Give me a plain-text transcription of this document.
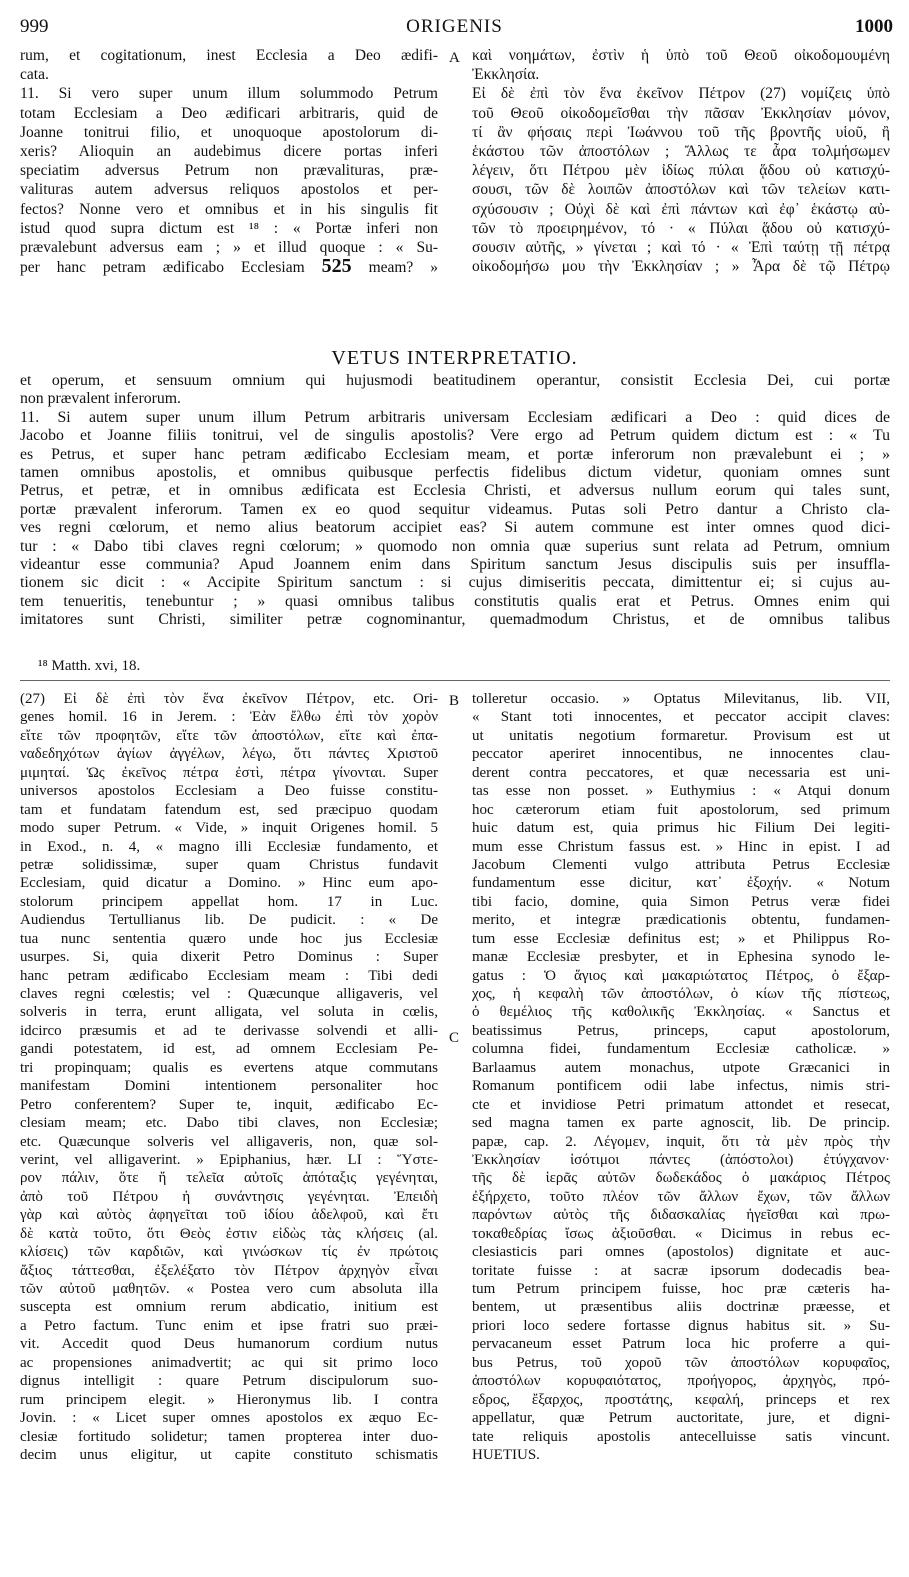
999	ORIGENIS	1000
rum, et cogitationum, inest Ecclesia a Deo ædifi-
cata.
11. Si vero super unum illum solummodo Petrum
totam Ecclesiam a Deo ædificari arbitraris, quid de
Joanne tonitrui filio, et unoquoque apostolorum di-
xeris? Alioquin an audebimus dicere portas inferi
speciatim adversus Petrum non prævalituras, præ-
valituras autem adversus reliquos apostolos et per-
fectos? Nonne vero et omnibus et in his singulis fit
istud quod supra dictum est ¹⁸ : « Portæ inferi non
prævalebunt adversus eam ; » et illud quoque : « Su-
per hanc petram ædificabo Ecclesiam 525 meam? »
καὶ νοημάτων, ἐστὶν ἡ ὑπὸ τοῦ Θεοῦ οἰκοδομουμένη
Ἐκκλησία.
Εἰ δὲ ἐπὶ τὸν ἕνα ἐκεῖνον Πέτρον (27) νομίζεις ὑπὸ
τοῦ Θεοῦ οἰκοδομεῖσθαι τὴν πᾶσαν Ἐκκλησίαν μόνον,
τί ἂν φήσαις περὶ Ἰωάννου τοῦ τῆς βροντῆς υἱοῦ, ἢ
ἑκάστου τῶν ἀποστόλων ; Ἄλλως τε ἆρα τολμήσωμεν
λέγειν, ὅτι Πέτρου μὲν ἰδίως πύλαι ᾅδου οὐ κατισχύ-
σουσι, τῶν δὲ λοιπῶν ἀποστόλων καὶ τῶν τελείων κατι-
σχύσουσιν ; Οὐχὶ δὲ καὶ ἐπὶ πάντων καὶ ἐφ᾽ ἑκάστῳ αὐ-
τῶν τὸ προειρημένον, τό · « Πύλαι ᾅδου οὐ κατισχύ-
σουσιν αὐτῆς, » γίνεται ; καὶ τό · « Ἐπὶ ταύτῃ τῇ πέτρᾳ
οἰκοδομήσω μου τὴν Ἐκκλησίαν ; » Ἆρα δὲ τῷ Πέτρῳ
A
VETUS INTERPRETATIO.
et operum, et sensuum omnium qui hujusmodi beatitudinem operantur, consistit Ecclesia Dei, cui portæ
non prævalent inferorum.
11. Si autem super unum illum Petrum arbitraris universam Ecclesiam ædificari a Deo : quid dices de
Jacobo et Joanne filiis tonitrui, vel de singulis apostolis? Vere ergo ad Petrum quidem dictum est : « Tu
es Petrus, et super hanc petram ædificabo Ecclesiam meam, et portæ inferorum non prævalebunt ei ; »
tamen omnibus apostolis, et omnibus quibusque perfectis fidelibus dictum videtur, quoniam omnes sunt
Petrus, et petræ, et in omnibus ædificata est Ecclesia Christi, et adversus nullum eorum qui tales sunt,
portæ prævalent inferorum. Tamen ex eo quod sequitur videamus. Putas soli Petro dantur a Christo cla-
ves regni cœlorum, et nemo alius beatorum accipiet eas? Si autem commune est inter omnes quod dici-
tur : « Dabo tibi claves regni cœlorum; » quomodo non omnia quæ superius sunt relata ad Petrum, omnium
videantur esse communia? Apud Joannem enim dans Spiritum sanctum Jesus discipulis suis per insuffla-
tionem sic dicit : « Accipite Spiritum sanctum : si cujus dimiseritis peccata, dimittentur ei; si cujus au-
tem tenueritis, tenebuntur ; » quasi omnibus talibus constitutis qualis erat et Petrus. Omnes enim qui
imitatores sunt Christi, similiter petræ cognominantur, quemadmodum Christus, et de omnibus talibus
¹⁸ Matth. xvi, 18.
(27) Εἰ δὲ ἐπὶ τὸν ἕνα ἐκεῖνον Πέτρον, etc. Ori-
genes homil. 16 in Jerem. : Ἐὰν ἔλθω ἐπὶ τὸν χορὸν
εἴτε τῶν προφητῶν, εἴτε τῶν ἀποστόλων, εἴτε καὶ ἐπα-
ναδεδηχότων ἁγίων ἀγγέλων, λέγω, ὅτι πάντες Χριστοῦ
μιμηταί. Ὡς ἐκεῖνος πέτρα ἐστὶ, πέτρα γίνονται. Super
universos apostolos Ecclesiam a Deo fuisse constitu-
tam et fundatam fatendum est, sed præcipuo quodam
modo super Petrum. « Vide, » inquit Origenes homil. 5
in Exod., n. 4, « magno illi Ecclesiæ fundamento, et
petræ solidissimæ, super quam Christus fundavit
Ecclesiam, quid dicatur a Domino. » Hinc eum apo-
stolorum principem appellat hom. 17 in Luc.
Audiendus Tertullianus lib. De pudicit. : « De
tua nunc sententia quæro unde hoc jus Ecclesiæ
usurpes. Si, quia dixerit Petro Dominus : Super
hanc petram ædificabo Ecclesiam meam : Tibi dedi
claves regni cœlestis; vel : Quæcunque alligaveris, vel
solveris in terra, erunt alligata, vel soluta in cœlis,
idcirco præsumis et ad te derivasse solvendi et alli-
gandi potestatem, id est, ad omnem Ecclesiam Pe-
tri propinquam; qualis es evertens atque commutans
manifestam Domini intentionem personaliter hoc
Petro conferentem? Super te, inquit, ædificabo Ec-
clesiam meam; etc. Dabo tibi claves, non Ecclesiæ;
etc. Quæcunque solveris vel alligaveris, non, quæ sol-
verint, vel alligaverint. » Epiphanius, hær. LI : Ὕστε-
ρον πάλιν, ὅτε ἤ τελεῖα αὐτοῖς ἀπόταξις γεγένηται,
ἀπὸ τοῦ Πέτρου ἡ συνάντησις γεγένηται. Ἐπειδὴ
γὰρ καὶ αὐτὸς ἀφηγεῖται τοῦ ἰδίου ἀδελφοῦ, καὶ ἔτι
δὲ κατὰ τοῦτο, ὅτι Θεὸς ἐστιν εἰδὼς τὰς κλήσεις (al.
κλίσεις) τῶν καρδιῶν, καὶ γινώσκων τίς ἐν πρώτοις
ἄξιος τάττεσθαι, ἐξελέξατο τὸν Πέτρον ἀρχηγὸν εἶναι
τῶν αὐτοῦ μαθητῶν. « Postea vero cum absoluta illa
suscepta est omnium rerum abdicatio, initium est
a Petro factum. Tunc enim et ipse fratri suo præi-
vit. Accedit quod Deus humanorum cordium nutus
ac propensiones animadvertit; ac qui sit primo loco
dignus intelligit : quare Petrum discipulorum suo-
rum principem elegit. » Hieronymus lib. I contra
Jovin. : « Licet super omnes apostolos ex æquo Ec-
clesiæ fortitudo solidetur; tamen propterea inter duo-
decim unus eligitur, ut capite constituto schismatis
tolleretur occasio. » Optatus Milevitanus, lib. VII,
« Stant toti innocentes, et peccator accipit claves:
ut unitatis negotium formaretur. Provisum est ut
peccator aperiret innocentibus, ne innocentes clau-
derent contra peccatores, et quæ necessaria est uni-
tas esse non posset. » Euthymius : « Atqui donum
hoc cæterorum etiam fuit apostolorum, sed primum
huic datum est, quia primus hic Filium Dei legiti-
mum esse Christum fassus est. » Hinc in epist. I ad
Jacobum Clementi vulgo attributa Petrus Ecclesiæ
fundamentum esse dicitur, κατ᾽ ἐξοχήν. « Notum
tibi facio, domine, quia Simon Petrus veræ fidei
merito, et integræ prædicationis obtentu, fundamen-
tum esse Ecclesiæ definitus est; » et Philippus Ro-
manæ Ecclesiæ presbyter, et in Ephesina synodo le-
gatus : Ὁ ἅγιος καὶ μακαριώτατος Πέτρος, ὁ ἔξαρ-
χος, ἡ κεφαλὴ τῶν ἀποστόλων, ὁ κίων τῆς πίστεως,
ὁ θεμέλιος τῆς καθολικῆς Ἐκκλησίας. « Sanctus et
beatissimus Petrus, princeps, caput apostolorum,
columna fidei, fundamentum Ecclesiæ catholicæ. »
Barlaamus autem monachus, utpote Græcanici in
Romanum pontificem odii labe infectus, nimis stri-
cte et invidiose Petri primatum attondet et resecat,
sed magna tamen ex parte agnoscit, lib. De princip.
papæ, cap. 2. Λέγομεν, inquit, ὅτι τὰ μὲν πρὸς τὴν
Ἐκκλησίαν ἰσότιμοι πάντες (ἀπόστολοι) ἐτύγχανον·
τῆς δὲ ἱερᾶς αὐτῶν δωδεκάδος ὁ μακάριος Πέτρος
ἐξήρχετο, τοῦτο πλέον τῶν ἄλλων ἔχων, τῶν ἄλλων
παρόντων αὐτὸς τῆς διδασκαλίας ἡγεῖσθαι καὶ πρω-
τοκαθεδρίας ἴσως ἀξιοῦσθαι. « Dicimus in rebus ec-
clesiasticis pari omnes (apostolos) dignitate et auc-
toritate fuisse : at sacræ ipsorum dodecadis bea-
tum Petrum principem fuisse, hoc præ cæteris ha-
bentem, ut præsentibus aliis doctrinæ præesse, et
priori loco sedere fortasse dignus habitus sit. » Su-
pervacaneum esset Patrum loca hic proferre a qui-
bus Petrus, τοῦ χοροῦ τῶν ἀποστόλων κορυφαῖος,
ἀποστόλων κορυφαιότατος, προήγορος, ἀρχηγὸς, πρό-
εδρος, ἔξαρχος, προστάτης, κεφαλή, princeps et rex
appellatur, quæ Petrum auctoritate, jure, et digni-
tate reliquis apostolis antecelluisse satis vincunt.
HUETIUS.
B
C
